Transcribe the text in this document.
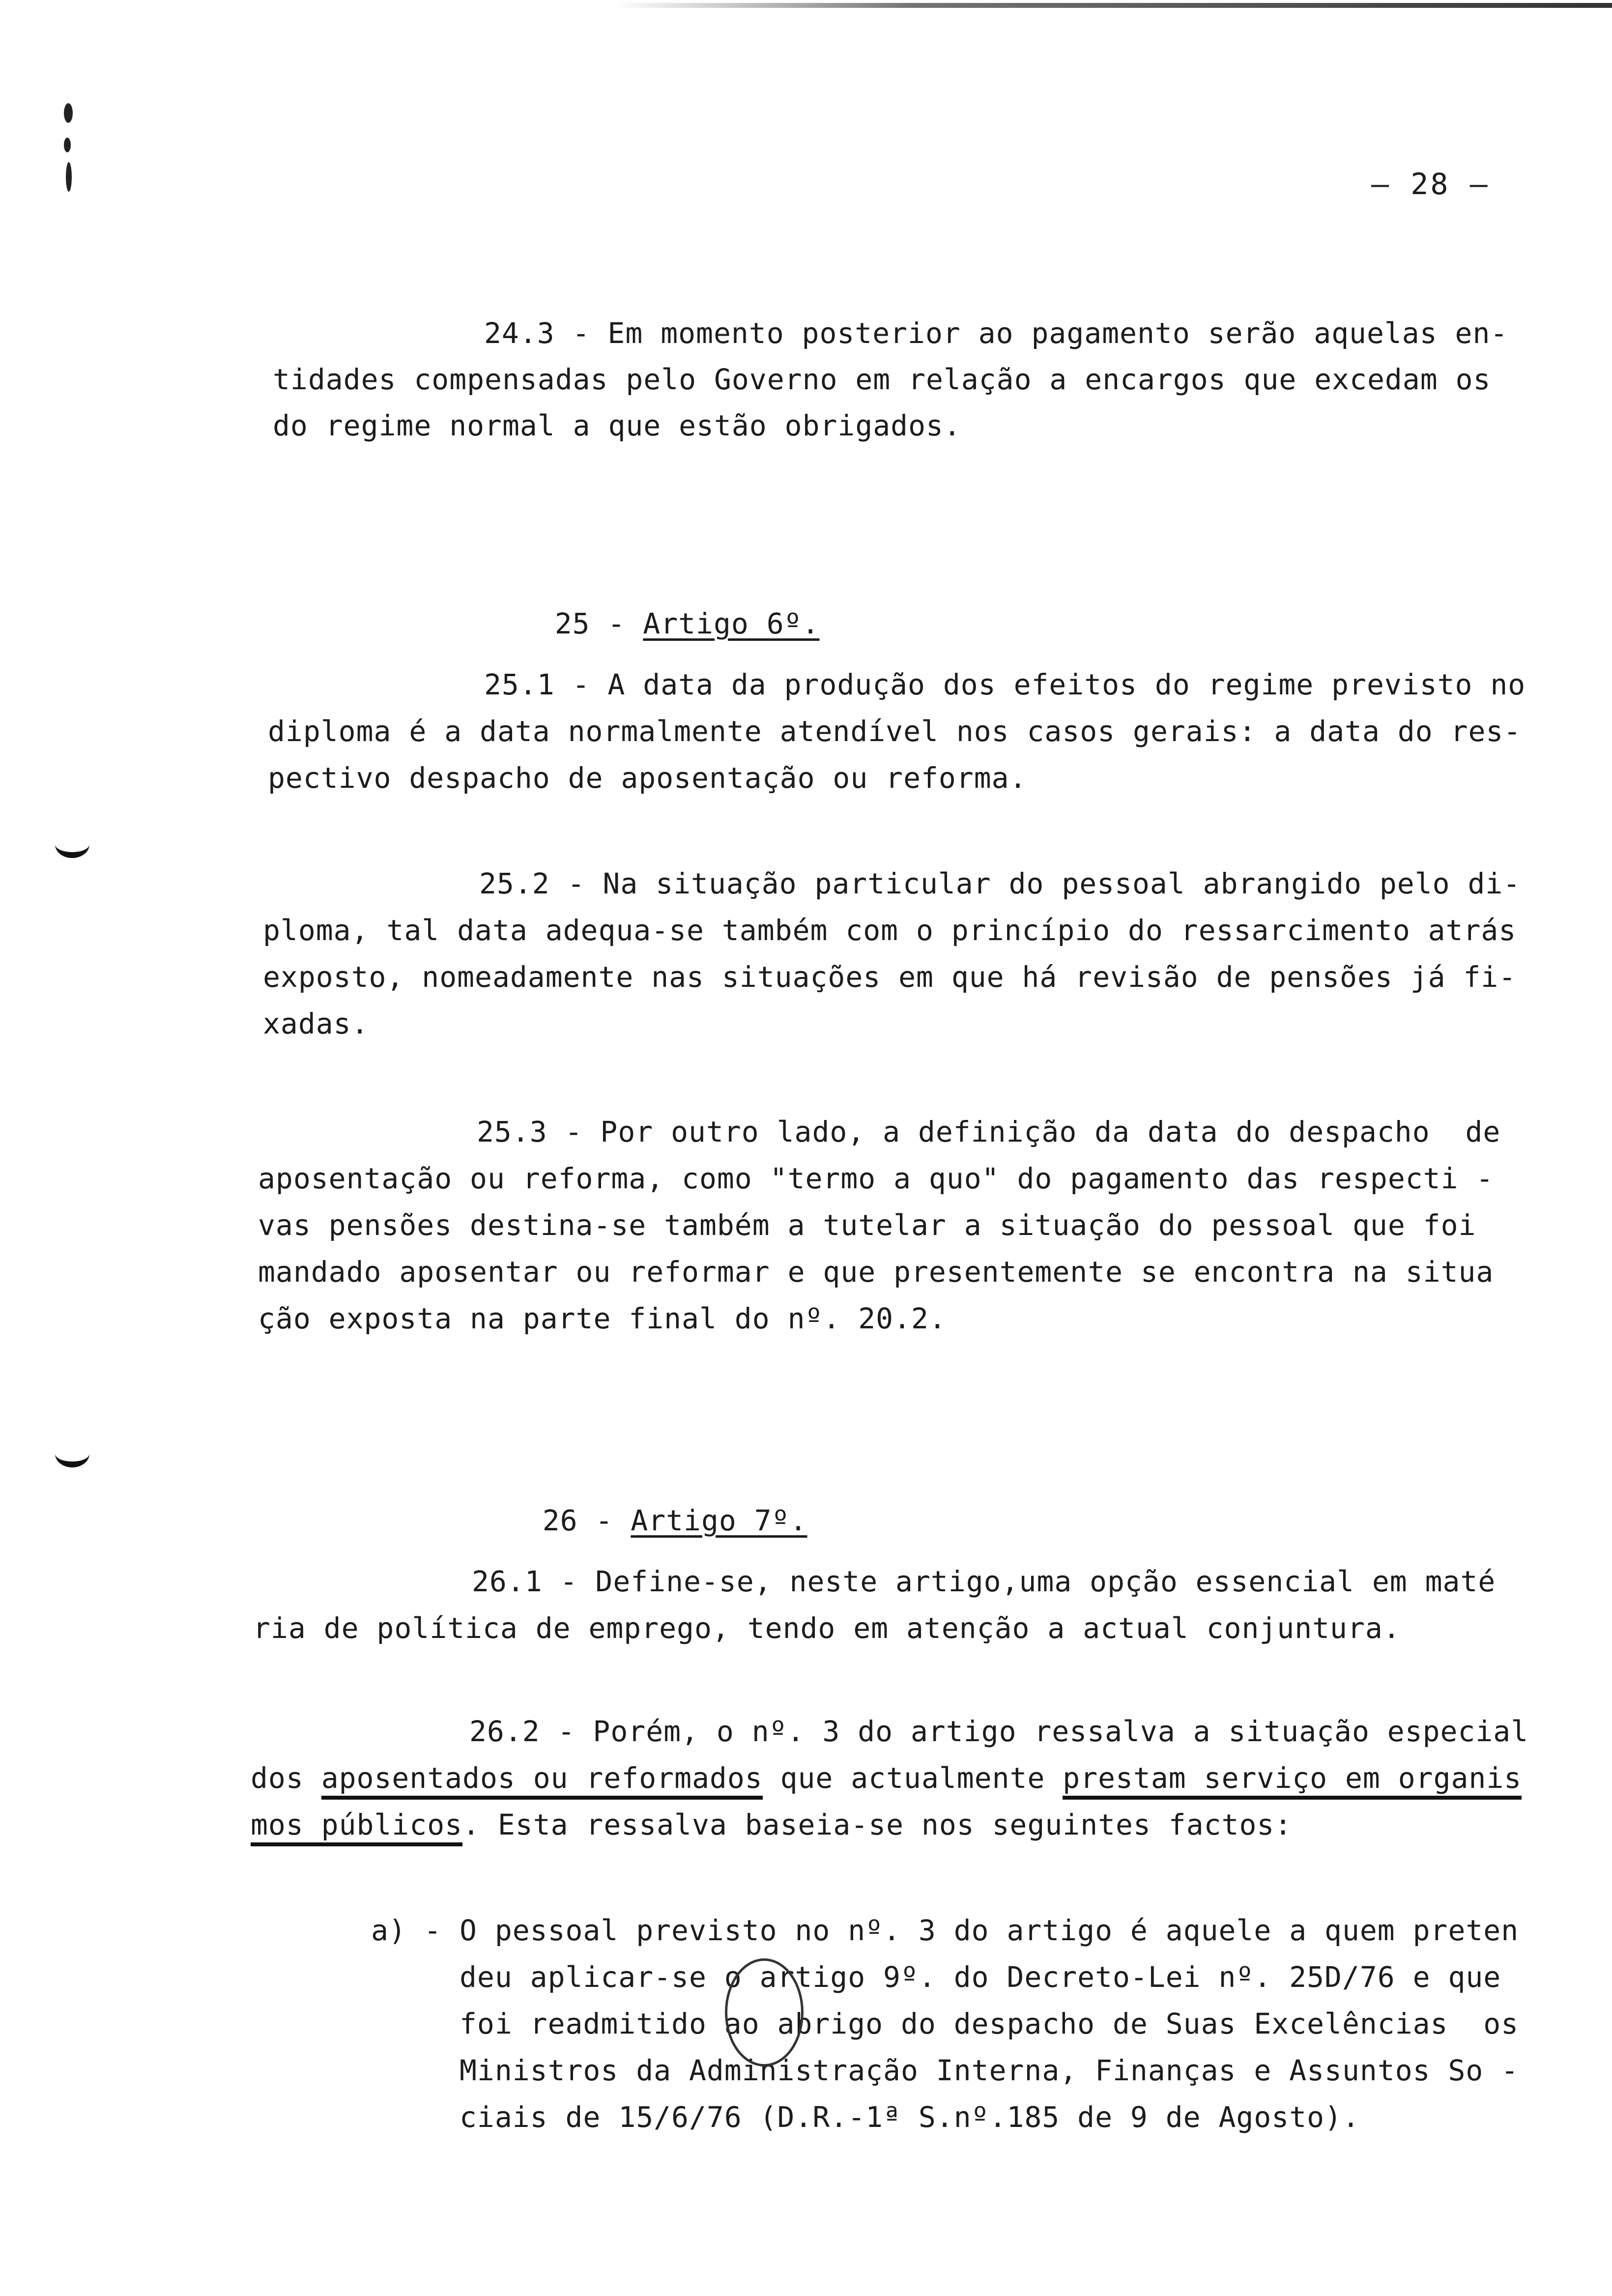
– 28 –
24.3 - Em momento posterior ao pagamento serão aquelas en-
tidades compensadas pelo Governo em relação a encargos que excedam os
do regime normal a que estão obrigados.

25 - Artigo 6º.

25.1 - A data da produção dos efeitos do regime previsto no
diploma é a data normalmente atendível nos casos gerais: a data do res-
pectivo despacho de aposentação ou reforma.
25.2 - Na situação particular do pessoal abrangido pelo di-
ploma, tal data adequa-se também com o princípio do ressarcimento atrás
exposto, nomeadamente nas situações em que há revisão de pensões já fi-
xadas.
25.3 - Por outro lado, a definição da data do despacho  de
aposentação ou reforma, como "termo a quo" do pagamento das respecti -
vas pensões destina-se também a tutelar a situação do pessoal que foi
mandado aposentar ou reformar e que presentemente se encontra na situa
ção exposta na parte final do nº. 20.2.

26 - Artigo 7º.

26.1 - Define-se, neste artigo,uma opção essencial em maté
ria de política de emprego, tendo em atenção a actual conjuntura.
26.2 - Porém, o nº. 3 do artigo ressalva a situação especial
dos aposentados ou reformados que actualmente prestam serviço em organis
mos públicos. Esta ressalva baseia-se nos seguintes factos:
a) - O pessoal previsto no nº. 3 do artigo é aquele a quem preten
deu aplicar-se o artigo 9º. do Decreto-Lei nº. 25D/76 e que
foi readmitido ao abrigo do despacho de Suas Excelências  os
Ministros da Administração Interna, Finanças e Assuntos So -
ciais de 15/6/76 (D.R.-1ª S.nº.185 de 9 de Agosto).
